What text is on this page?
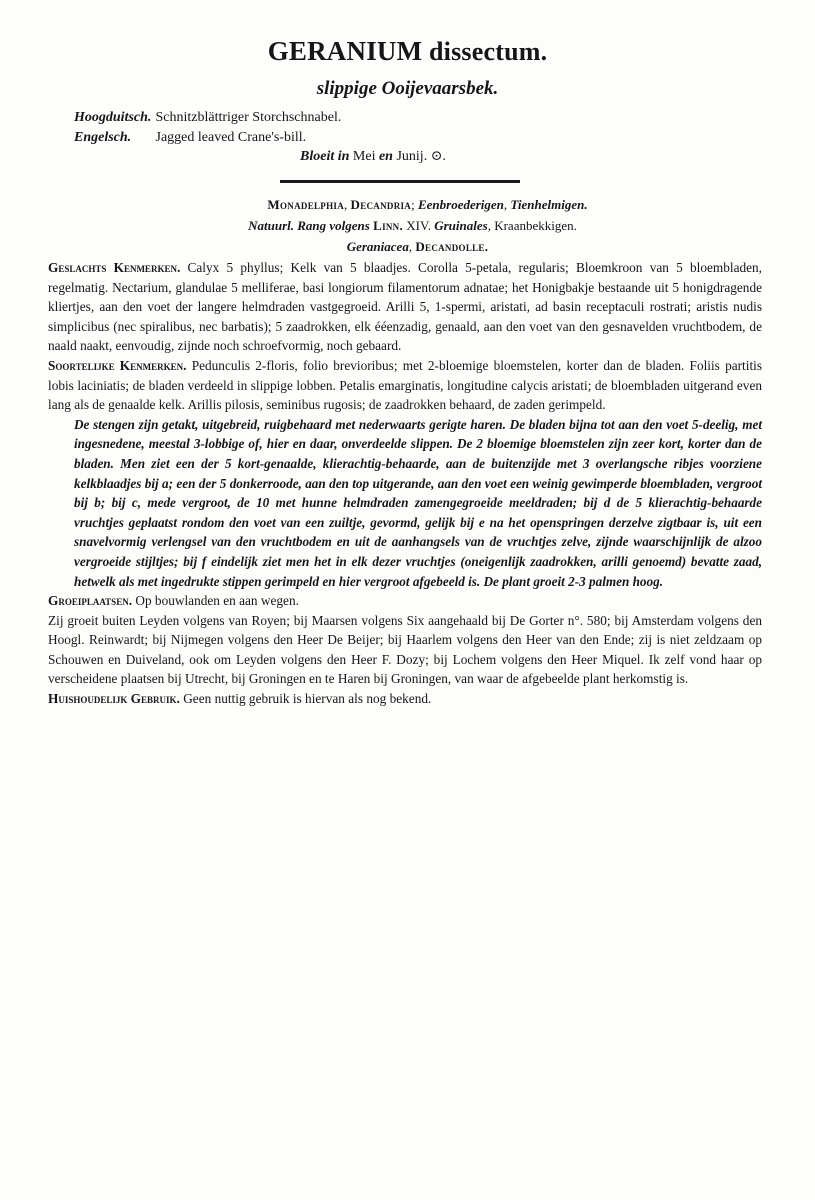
GERANIUM dissectum.
slippige Ooijevaarsbek.
Hoogduitsch. Schnitzblättriger Storchschnabel.
Engelsch. Jagged leaved Crane's-bill.
Bloeit in Mei en Junij. ⊙.
Monadelphia, Decandria; Eenbroederigen, Tienhelmigen.
Natuurl. Rang volgens Linn. XIV. Gruinales, Kraanbekkigen.
Geraniacea, Decandolle.

Geslachts Kenmerken. Calyx 5 phyllus; Kelk van 5 blaadjes. Corolla 5-petala, regularis; Bloemkroon van 5 bloembladen, regelmatig. Nectarium, glandulae 5 melliferae, basi longiorum filamentorum adnatae; het Honigbakje bestaande uit 5 honigdragende kliertjes, aan den voet der langere helmdraden vastgegroeid. Arilli 5, 1-spermi, aristati, ad basin receptaculi rostrati; aristis nudis simplicibus (nec spiralibus, nec barbatis); 5 zaadrokken, elk ééenzadig, genaald, aan den voet van den gesnavelden vruchtbodem, de naald naakt, eenvoudig, zijnde noch schroefvormig, noch gebaard.

Soortelijke Kenmerken. Pedunculis 2-floris, folio brevioribus; met 2-bloemige bloemstelen, korter dan de bladen. Foliis partitis lobis laciniatis; de bladen verdeeld in slippige lobben. Petalis emarginatis, longitudine calycis aristati; de bloembladen uitgerand even lang als de genaalde kelk. Arillis pilosis, seminibus rugosis; de zaadrokken behaard, de zaden gerimpeld.

De stengen zijn getakt, uitgebreid, ruigbehaard met nederwaarts gerigte haren. De bladen bijna tot aan den voet 5-deelig, met ingesnedene, meestal 3-lobbige of, hier en daar, onverdeelde slippen. De 2 bloemige bloemstelen zijn zeer kort, korter dan de bladen. Men ziet een der 5 kort-genaalde, klierachtig-behaarde, aan de buitenzijde met 3 overlangsche ribjes voorziene kelkblaadjes bij a; een der 5 donkerroode, aan den top uitgerande, aan den voet een weinig gewimperde bloembladen, vergroot bij b; bij c, mede vergroot, de 10 met hunne helmdraden zamengegroeide meeldraden; bij d de 5 klierachtig-behaarde vruchtjes geplaatst rondom den voet van een zuiltje, gevormd, gelijk bij e na het openspringen derzelve zigtbaar is, uit een snavelvormig verlengsel van den vruchtbodem en uit de aanhangsels van de vruchtjes zelve, zijnde waarschijnlijk de alzoo vergroeide stijltjes; bij f eindelijk ziet men het in elk dezer vruchtjes (oneigenlijk zaadrokken, arilli genoemd) bevatte zaad, hetwelk als met ingedrukte stippen gerimpeld en hier vergroot afgebeeld is. De plant groeit 2-3 palmen hoog.

Groeiplaatsen. Op bouwlanden en aan wegen.

Zij groeit buiten Leyden volgens van Royen; bij Maarsen volgens Six aangehaald bij De Gorter n°. 580; bij Amsterdam volgens den Hoogl. Reinwardt; bij Nijmegen volgens den Heer De Beijer; bij Haarlem volgens den Heer van den Ende; zij is niet zeldzaam op Schouwen en Duiveland, ook om Leyden volgens den Heer F. Dozy; bij Lochem volgens den Heer Miquel. Ik zelf vond haar op verscheidene plaatsen bij Utrecht, bij Groningen en te Haren bij Groningen, van waar de afgebeelde plant herkomstig is.

Huishoudelijk Gebruik. Geen nuttig gebruik is hiervan als nog bekend.
